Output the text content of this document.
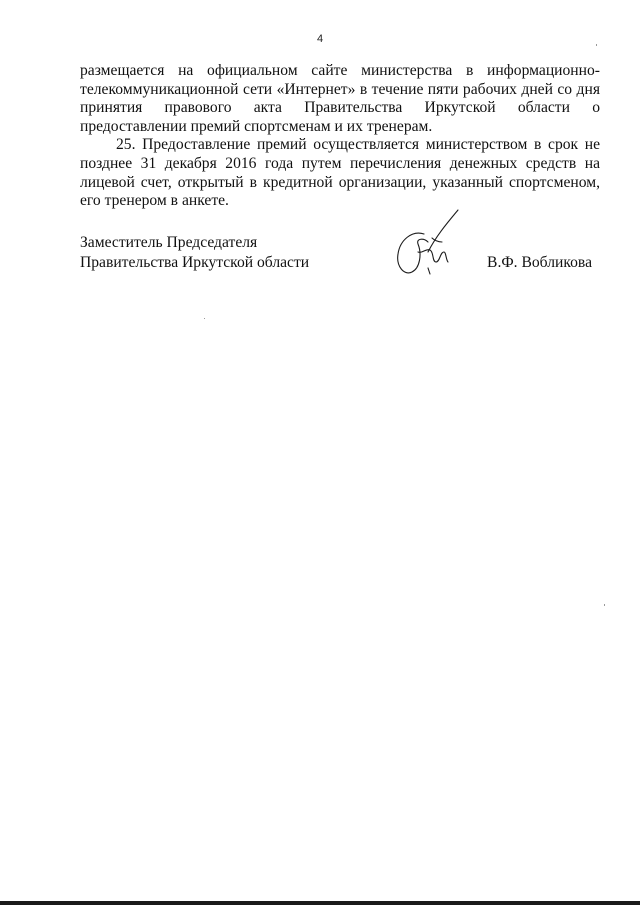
4

размещается на официальном сайте министерства в информационно-телекоммуникационной сети «Интернет» в течение пяти рабочих дней со дня принятия правового акта Правительства Иркутской области о предоставлении премий спортсменам и их тренерам.

25. Предоставление премий осуществляется министерством в срок не позднее 31 декабря 2016 года путем перечисления денежных средств на лицевой счет, открытый в кредитной организации, указанный спортсменом, его тренером в анкете.

Заместитель Председателя
Правительства Иркутской области	В.Ф. Вобликова
